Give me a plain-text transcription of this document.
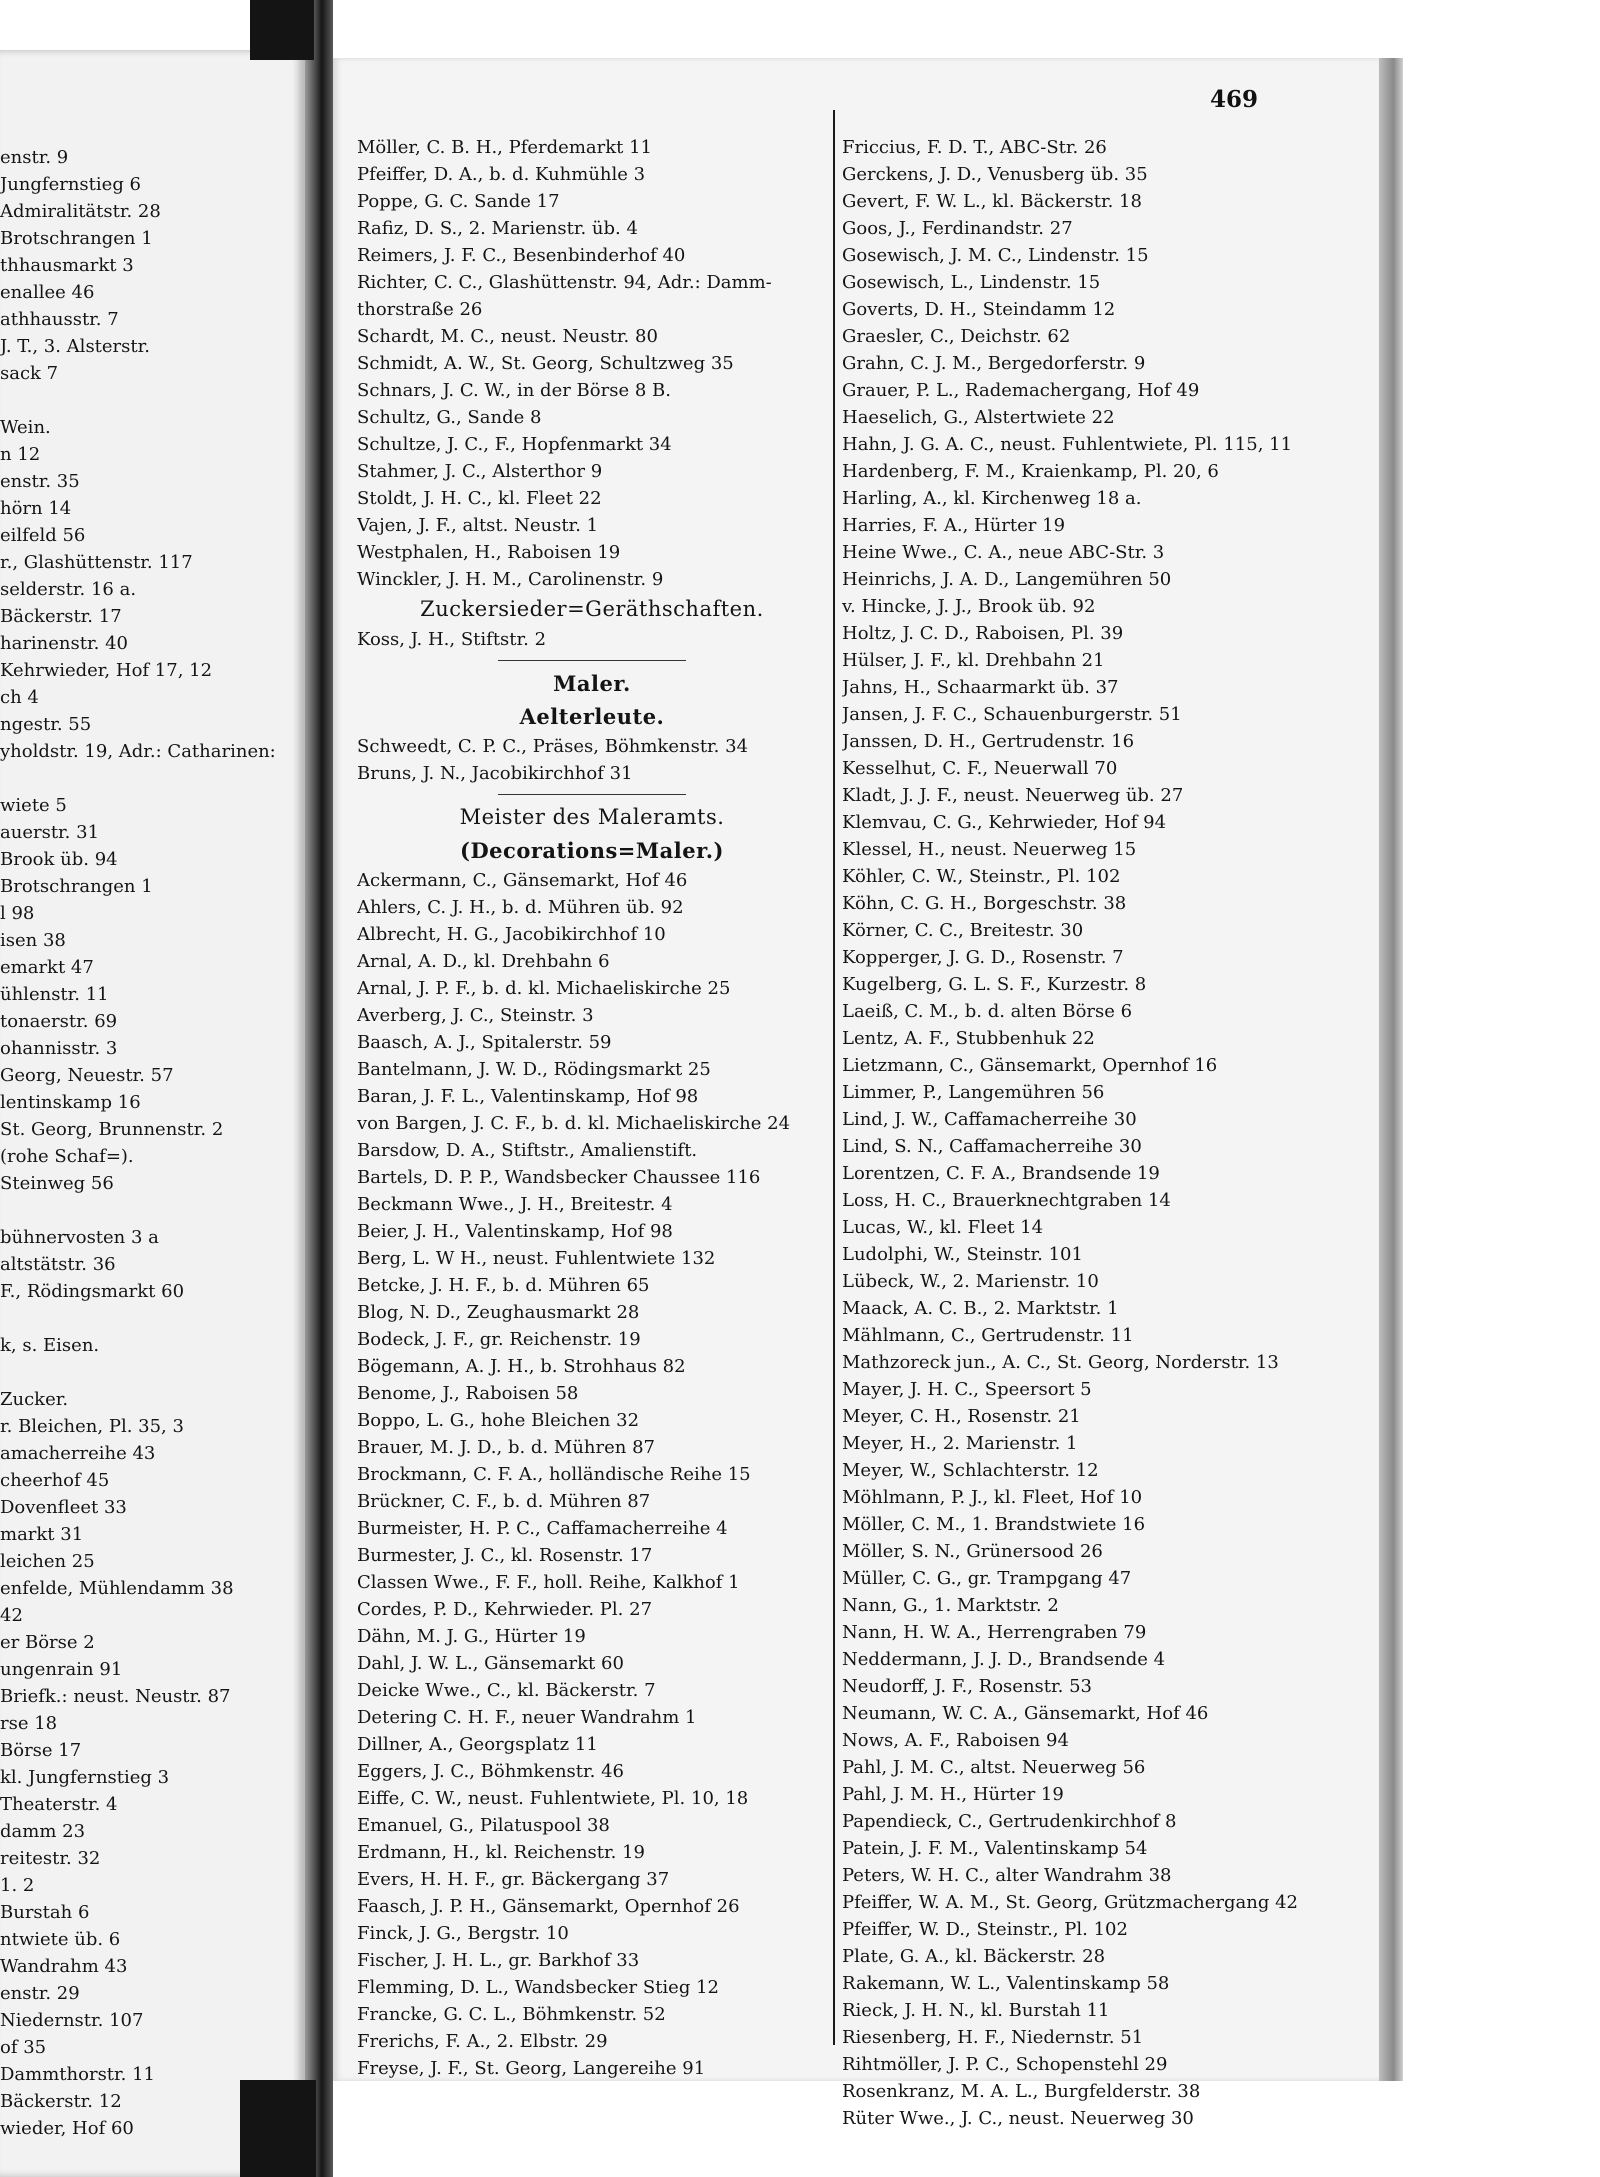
enstr. 9
Jungfernstieg 6
Admiralitätstr. 28
Brotschrangen 1
thhausmarkt 3
enallee 46
athhausstr. 7
J. T., 3. Alsterstr.
sack 7
Wein.
n 12
enstr. 35
hörn 14
eilfeld 56
r., Glashüttenstr. 117
selderstr. 16 a.
Bäckerstr. 17
harinenstr. 40
Kehrwieder, Hof 17, 12
ch 4
ngestr. 55
yholdstr. 19, Adr.: Catharinen:
wiete 5
auerstr. 31
Brook üb. 94
Brotschrangen 1
l 98
isen 38
emarkt 47
ühlenstr. 11
tonaerstr. 69
ohannisstr. 3
Georg, Neuestr. 57
lentinskamp 16
St. Georg, Brunnenstr. 2
(rohe Schaf=).
Steinweg 56
bühnervosten 3 a
altstätstr. 36
F., Rödingsmarkt 60
k, s. Eisen.
Zucker.
r. Bleichen, Pl. 35, 3
amacherreihe 43
cheerhof 45
Dovenfleet 33
markt 31
leichen 25
enfelde, Mühlendamm 38
42
er Börse 2
ungenrain 91
Briefk.: neust. Neustr. 87
rse 18
Börse 17
kl. Jungfernstieg 3
Theaterstr. 4
damm 23
reitestr. 32
1. 2
Burstah 6
ntwiete üb. 6
Wandrahm 43
enstr. 29
Niedernstr. 107
of 35
Dammthorstr. 11
Bäckerstr. 12
wieder, Hof 60
469
Möller, C. B. H., Pferdemarkt 11
Pfeiffer, D. A., b. d. Kuhmühle 3
Poppe, G. C. Sande 17
Rafiz, D. S., 2. Marienstr. üb. 4
Reimers, J. F. C., Besenbinderhof 40
Richter, C. C., Glashüttenstr. 94, Adr.: Damm-
thorstraße 26
Schardt, M. C., neust. Neustr. 80
Schmidt, A. W., St. Georg, Schultzweg 35
Schnars, J. C. W., in der Börse 8 B.
Schultz, G., Sande 8
Schultze, J. C., F., Hopfenmarkt 34
Stahmer, J. C., Alsterthor 9
Stoldt, J. H. C., kl. Fleet 22
Vajen, J. F., altst. Neustr. 1
Westphalen, H., Raboisen 19
Winckler, J. H. M., Carolinenstr. 9
Zuckersieder=Geräthschaften.
Koss, J. H., Stiftstr. 2
Maler.
Aelterleute.
Schweedt, C. P. C., Präses, Böhmkenstr. 34
Bruns, J. N., Jacobikirchhof 31
Meister des Maleramts.
(Decorations=Maler.)
Ackermann, C., Gänsemarkt, Hof 46
Ahlers, C. J. H., b. d. Mühren üb. 92
Albrecht, H. G., Jacobikirchhof 10
Arnal, A. D., kl. Drehbahn 6
Arnal, J. P. F., b. d. kl. Michaeliskirche 25
Averberg, J. C., Steinstr. 3
Baasch, A. J., Spitalerstr. 59
Bantelmann, J. W. D., Rödingsmarkt 25
Baran, J. F. L., Valentinskamp, Hof 98
von Bargen, J. C. F., b. d. kl. Michaeliskirche 24
Barsdow, D. A., Stiftstr., Amalienstift.
Bartels, D. P. P., Wandsbecker Chaussee 116
Beckmann Wwe., J. H., Breitestr. 4
Beier, J. H., Valentinskamp, Hof 98
Berg, L. W H., neust. Fuhlentwiete 132
Betcke, J. H. F., b. d. Mühren 65
Blog, N. D., Zeughausmarkt 28
Bodeck, J. F., gr. Reichenstr. 19
Bögemann, A. J. H., b. Strohhaus 82
Benome, J., Raboisen 58
Boppo, L. G., hohe Bleichen 32
Brauer, M. J. D., b. d. Mühren 87
Brockmann, C. F. A., holländische Reihe 15
Brückner, C. F., b. d. Mühren 87
Burmeister, H. P. C., Caffamacherreihe 4
Burmester, J. C., kl. Rosenstr. 17
Classen Wwe., F. F., holl. Reihe, Kalkhof 1
Cordes, P. D., Kehrwieder. Pl. 27
Dähn, M. J. G., Hürter 19
Dahl, J. W. L., Gänsemarkt 60
Deicke Wwe., C., kl. Bäckerstr. 7
Detering C. H. F., neuer Wandrahm 1
Dillner, A., Georgsplatz 11
Eggers, J. C., Böhmkenstr. 46
Eiffe, C. W., neust. Fuhlentwiete, Pl. 10, 18
Emanuel, G., Pilatuspool 38
Erdmann, H., kl. Reichenstr. 19
Evers, H. H. F., gr. Bäckergang 37
Faasch, J. P. H., Gänsemarkt, Opernhof 26
Finck, J. G., Bergstr. 10
Fischer, J. H. L., gr. Barkhof 33
Flemming, D. L., Wandsbecker Stieg 12
Francke, G. C. L., Böhmkenstr. 52
Frerichs, F. A., 2. Elbstr. 29
Freyse, J. F., St. Georg, Langereihe 91
Friccius, F. D. T., ABC-Str. 26
Gerckens, J. D., Venusberg üb. 35
Gevert, F. W. L., kl. Bäckerstr. 18
Goos, J., Ferdinandstr. 27
Gosewisch, J. M. C., Lindenstr. 15
Gosewisch, L., Lindenstr. 15
Goverts, D. H., Steindamm 12
Graesler, C., Deichstr. 62
Grahn, C. J. M., Bergedorferstr. 9
Grauer, P. L., Rademachergang, Hof 49
Haeselich, G., Alstertwiete 22
Hahn, J. G. A. C., neust. Fuhlentwiete, Pl. 115, 11
Hardenberg, F. M., Kraienkamp, Pl. 20, 6
Harling, A., kl. Kirchenweg 18 a.
Harries, F. A., Hürter 19
Heine Wwe., C. A., neue ABC-Str. 3
Heinrichs, J. A. D., Langemühren 50
v. Hincke, J. J., Brook üb. 92
Holtz, J. C. D., Raboisen, Pl. 39
Hülser, J. F., kl. Drehbahn 21
Jahns, H., Schaarmarkt üb. 37
Jansen, J. F. C., Schauenburgerstr. 51
Janssen, D. H., Gertrudenstr. 16
Kesselhut, C. F., Neuerwall 70
Kladt, J. J. F., neust. Neuerweg üb. 27
Klemvau, C. G., Kehrwieder, Hof 94
Klessel, H., neust. Neuerweg 15
Köhler, C. W., Steinstr., Pl. 102
Köhn, C. G. H., Borgeschstr. 38
Körner, C. C., Breitestr. 30
Kopperger, J. G. D., Rosenstr. 7
Kugelberg, G. L. S. F., Kurzestr. 8
Laeiß, C. M., b. d. alten Börse 6
Lentz, A. F., Stubbenhuk 22
Lietzmann, C., Gänsemarkt, Opernhof 16
Limmer, P., Langemühren 56
Lind, J. W., Caffamacherreihe 30
Lind, S. N., Caffamacherreihe 30
Lorentzen, C. F. A., Brandsende 19
Loss, H. C., Brauerknechtgraben 14
Lucas, W., kl. Fleet 14
Ludolphi, W., Steinstr. 101
Lübeck, W., 2. Marienstr. 10
Maack, A. C. B., 2. Marktstr. 1
Mählmann, C., Gertrudenstr. 11
Mathzoreck jun., A. C., St. Georg, Norderstr. 13
Mayer, J. H. C., Speersort 5
Meyer, C. H., Rosenstr. 21
Meyer, H., 2. Marienstr. 1
Meyer, W., Schlachterstr. 12
Möhlmann, P. J., kl. Fleet, Hof 10
Möller, C. M., 1. Brandstwiete 16
Möller, S. N., Grünersood 26
Müller, C. G., gr. Trampgang 47
Nann, G., 1. Marktstr. 2
Nann, H. W. A., Herrengraben 79
Neddermann, J. J. D., Brandsende 4
Neudorff, J. F., Rosenstr. 53
Neumann, W. C. A., Gänsemarkt, Hof 46
Nows, A. F., Raboisen 94
Pahl, J. M. C., altst. Neuerweg 56
Pahl, J. M. H., Hürter 19
Papendieck, C., Gertrudenkirchhof 8
Patein, J. F. M., Valentinskamp 54
Peters, W. H. C., alter Wandrahm 38
Pfeiffer, W. A. M., St. Georg, Grützmachergang 42
Pfeiffer, W. D., Steinstr., Pl. 102
Plate, G. A., kl. Bäckerstr. 28
Rakemann, W. L., Valentinskamp 58
Rieck, J. H. N., kl. Burstah 11
Riesenberg, H. F., Niedernstr. 51
Rihtmöller, J. P. C., Schopenstehl 29
Rosenkranz, M. A. L., Burgfelderstr. 38
Rüter Wwe., J. C., neust. Neuerweg 30
